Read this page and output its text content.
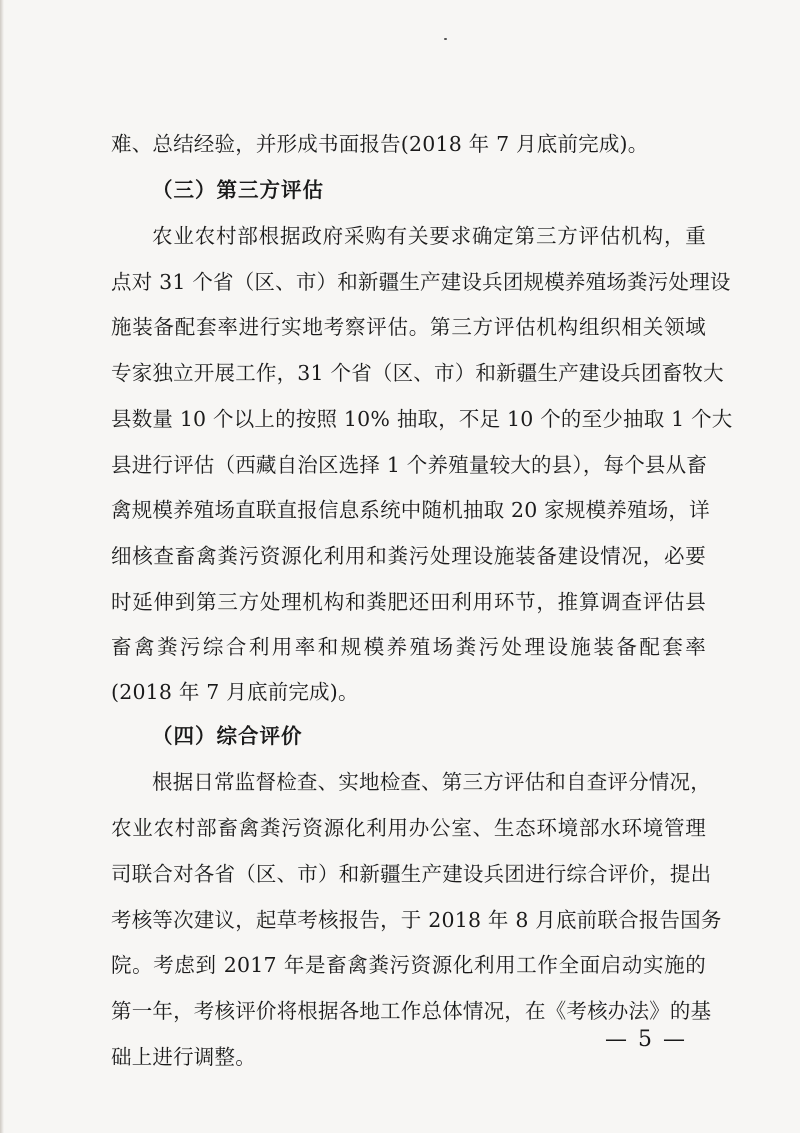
难、总结经验，并形成书面报告(2018 年 7 月底前完成)。
（三）第三方评估
农业农村部根据政府采购有关要求确定第三方评估机构，重
点对 31 个省（区、市）和新疆生产建设兵团规模养殖场粪污处理设
施装备配套率进行实地考察评估。第三方评估机构组织相关领域
专家独立开展工作，31 个省（区、市）和新疆生产建设兵团畜牧大
县数量 10 个以上的按照 10% 抽取，不足 10 个的至少抽取 1 个大
县进行评估（西藏自治区选择 1 个养殖量较大的县），每个县从畜
禽规模养殖场直联直报信息系统中随机抽取 20 家规模养殖场，详
细核查畜禽粪污资源化利用和粪污处理设施装备建设情况，必要
时延伸到第三方处理机构和粪肥还田利用环节，推算调查评估县
畜禽粪污综合利用率和规模养殖场粪污处理设施装备配套率
(2018 年 7 月底前完成)。
（四）综合评价
根据日常监督检查、实地检查、第三方评估和自查评分情况，
农业农村部畜禽粪污资源化利用办公室、生态环境部水环境管理
司联合对各省（区、市）和新疆生产建设兵团进行综合评价，提出
考核等次建议，起草考核报告，于 2018 年 8 月底前联合报告国务
院。考虑到 2017 年是畜禽粪污资源化利用工作全面启动实施的
第一年，考核评价将根据各地工作总体情况，在《考核办法》的基
础上进行调整。
— 5 —
